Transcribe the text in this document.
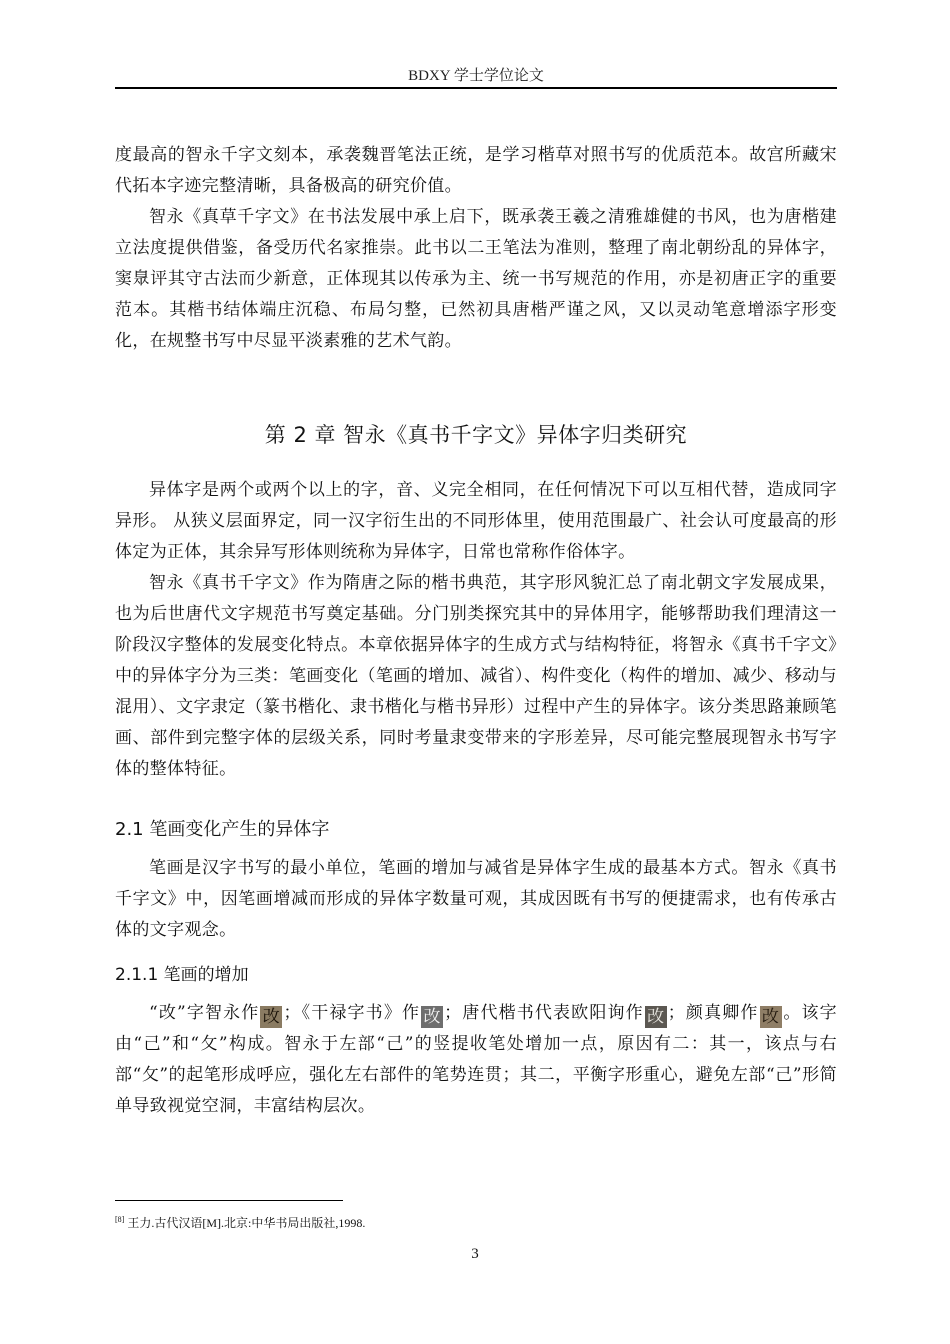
BDXY 学士学位论文

度最高的智永千字文刻本，承袭魏晋笔法正统，是学习楷草对照书写的优质范本。故宫所藏宋代拓本字迹完整清晰，具备极高的研究价值。

智永《真草千字文》在书法发展中承上启下，既承袭王羲之清雅雄健的书风，也为唐楷建立法度提供借鉴，备受历代名家推崇。此书以二王笔法为准则，整理了南北朝纷乱的异体字，窦臮评其守古法而少新意，正体现其以传承为主、统一书写规范的作用，亦是初唐正字的重要范本。其楷书结体端庄沉稳、布局匀整，已然初具唐楷严谨之风，又以灵动笔意增添字形变化，在规整书写中尽显平淡素雅的艺术气韵。

第 2 章 智永《真书千字文》异体字归类研究

异体字是两个或两个以上的字，音、义完全相同，在任何情况下可以互相代替，造成同字异形。 从狭义层面界定，同一汉字衍生出的不同形体里，使用范围最广、社会认可度最高的形体定为正体，其余异写形体则统称为异体字，日常也常称作俗体字。

智永《真书千字文》作为隋唐之际的楷书典范，其字形风貌汇总了南北朝文字发展成果，也为后世唐代文字规范书写奠定基础。分门别类探究其中的异体用字，能够帮助我们理清这一阶段汉字整体的发展变化特点。本章依据异体字的生成方式与结构特征，将智永《真书千字文》中的异体字分为三类：笔画变化（笔画的增加、减省）、构件变化（构件的增加、减少、移动与混用）、文字隶定（篆书楷化、隶书楷化与楷书异形）过程中产生的异体字。该分类思路兼顾笔画、部件到完整字体的层级关系，同时考量隶变带来的字形差异，尽可能完整展现智永书写字体的整体特征。

2.1 笔画变化产生的异体字

笔画是汉字书写的最小单位，笔画的增加与减省是异体字生成的最基本方式。智永《真书千字文》中，因笔画增减而形成的异体字数量可观，其成因既有书写的便捷需求，也有传承古体的文字观念。

2.1.1 笔画的增加

“改”字智永作 改 ；《干禄字书》作 改 ；唐代楷书代表欧阳询作 改 ；颜真卿作 改 。该字由“己”和“攵”构成。智永于左部“己”的竖提收笔处增加一点，原因有二：其一，该点与右部“攵”的起笔形成呼应，强化左右部件的笔势连贯；其二，平衡字形重心，避免左部“己”形简单导致视觉空洞，丰富结构层次。

[8] 王力.古代汉语[M].北京:中华书局出版社,1998.
3
